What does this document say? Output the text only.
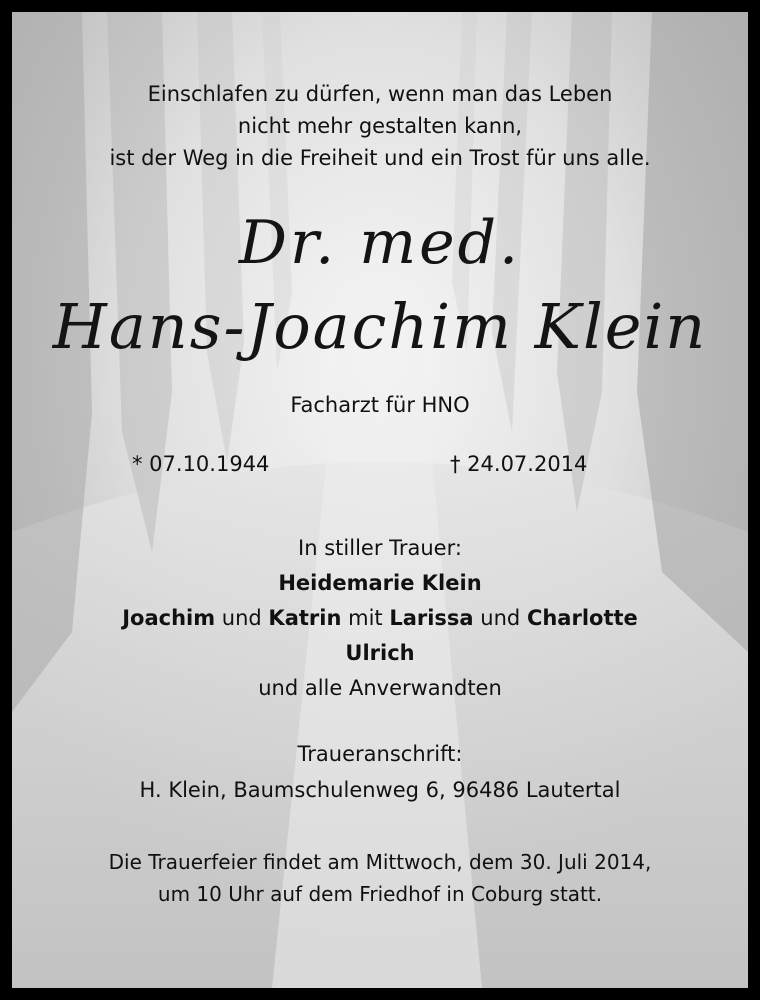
Einschlafen zu dürfen, wenn man das Leben
nicht mehr gestalten kann,
ist der Weg in die Freiheit und ein Trost für uns alle.
Dr. med.
Hans-Joachim Klein
Facharzt für HNO
* 07.10.1944	† 24.07.2014
In stiller Trauer:
Heidemarie Klein
Joachim und Katrin mit Larissa und Charlotte
Ulrich
und alle Anverwandten
Traueranschrift:
H. Klein, Baumschulenweg 6, 96486 Lautertal
Die Trauerfeier findet am Mittwoch, dem 30. Juli 2014,
um 10 Uhr auf dem Friedhof in Coburg statt.
